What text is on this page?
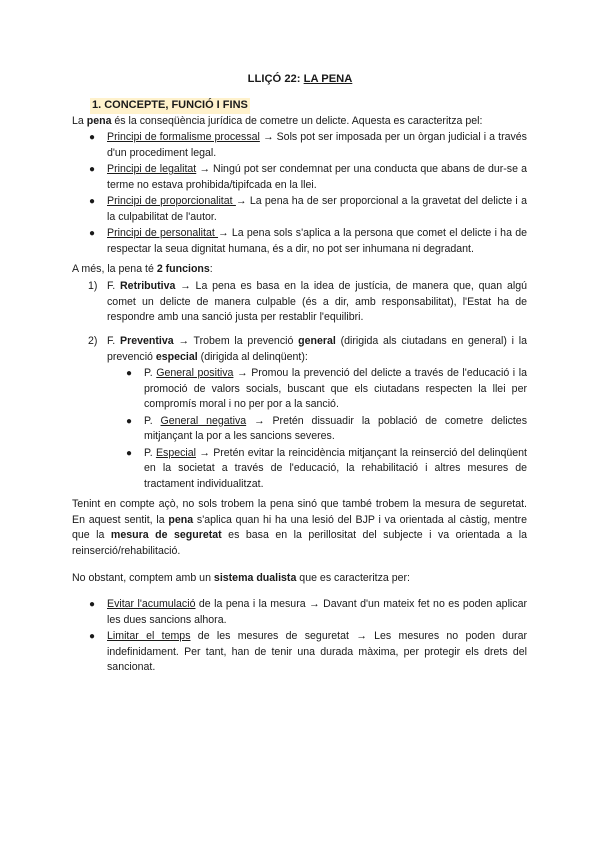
LLIÇÓ 22: LA PENA
1. CONCEPTE, FUNCIÓ I FINS
La pena és la conseqüència jurídica de cometre un delicte. Aquesta es caracteritza pel:
● Principi de formalisme processal → Sols pot ser imposada per un òrgan judicial i a través d'un procediment legal.
● Principi de legalitat → Ningú pot ser condemnat per una conducta que abans de dur-se a terme no estava prohibida/tipifcada en la llei.
● Principi de proporcionalitat → La pena ha de ser proporcional a la gravetat del delicte i a la culpabilitat de l'autor.
● Principi de personalitat → La pena sols s'aplica a la persona que comet el delicte i ha de respectar la seua dignitat humana, és a dir, no pot ser inhumana ni degradant.
A més, la pena té 2 funcions:
1) F. Retributiva → La pena es basa en la idea de justícia, de manera que, quan algú comet un delicte de manera culpable (és a dir, amb responsabilitat), l'Estat ha de respondre amb una sanció justa per restablir l'equilibri.
2) F. Preventiva → Trobem la prevenció general (dirigida als ciutadans en general) i la prevenció especial (dirigida al delinqüent):
● P. General positiva → Promou la prevenció del delicte a través de l'educació i la promoció de valors socials, buscant que els ciutadans respecten la llei per compromís moral i no per por a la sanció.
● P. General negativa → Pretén dissuadir la població de cometre delictes mitjançant la por a les sancions severes.
● P. Especial → Pretén evitar la reincidència mitjançant la reinserció del delinqüent en la societat a través de l'educació, la rehabilitació i altres mesures de tractament individualitzat.
Tenint en compte açò, no sols trobem la pena sinó que també trobem la mesura de seguretat. En aquest sentit, la pena s'aplica quan hi ha una lesió del BJP i va orientada al càstig, mentre que la mesura de seguretat es basa en la perillositat del subjecte i va orientada a la reinserció/rehabilitació.
No obstant, comptem amb un sistema dualista que es caracteritza per:
● Evitar l'acumulació de la pena i la mesura → Davant d'un mateix fet no es poden aplicar les dues sancions alhora.
● Limitar el temps de les mesures de seguretat → Les mesures no poden durar indefinidament. Per tant, han de tenir una durada màxima, per protegir els drets del sancionat.
